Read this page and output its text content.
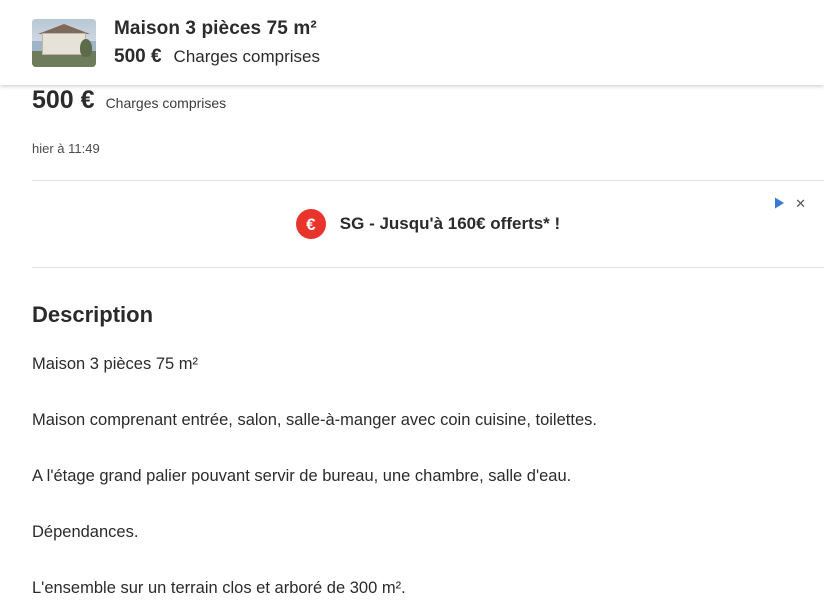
Maison 3 pièces 75 m²
500 € Charges comprises
500 € Charges comprises
hier à 11:49
€	SG - Jusqu'à 160€ offerts* !
✕
Description

Maison 3 pièces 75 m²

Maison comprenant entrée, salon, salle-à-manger avec coin cuisine, toilettes.

A l'étage grand palier pouvant servir de bureau, une chambre, salle d'eau.

Dépendances.

L'ensemble sur un terrain clos et arboré de 300 m².
